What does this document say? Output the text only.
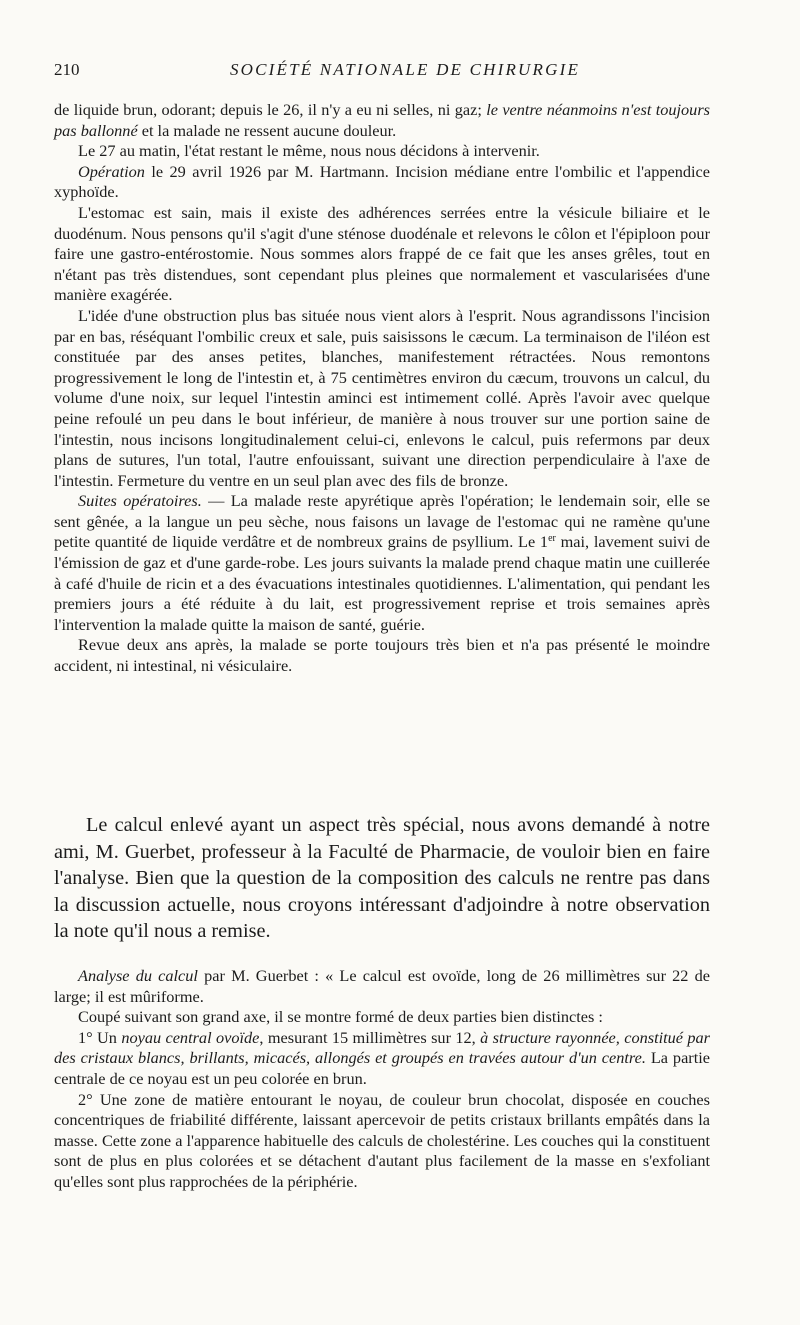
210	SOCIÉTÉ NATIONALE DE CHIRURGIE

de liquide brun, odorant; depuis le 26, il n'y a eu ni selles, ni gaz; le ventre néanmoins n'est toujours pas ballonné et la malade ne ressent aucune douleur.

Le 27 au matin, l'état restant le même, nous nous décidons à intervenir.

Opération le 29 avril 1926 par M. Hartmann. Incision médiane entre l'ombilic et l'appendice xyphoïde.

L'estomac est sain, mais il existe des adhérences serrées entre la vésicule biliaire et le duodénum. Nous pensons qu'il s'agit d'une sténose duodénale et relevons le côlon et l'épiploon pour faire une gastro-entérostomie. Nous sommes alors frappé de ce fait que les anses grêles, tout en n'étant pas très distendues, sont cependant plus pleines que normalement et vascularisées d'une manière exagérée.

L'idée d'une obstruction plus bas située nous vient alors à l'esprit. Nous agrandissons l'incision par en bas, réséquant l'ombilic creux et sale, puis saisissons le cæcum. La terminaison de l'iléon est constituée par des anses petites, blanches, manifestement rétractées. Nous remontons progressivement le long de l'intestin et, à 75 centimètres environ du cæcum, trouvons un calcul, du volume d'une noix, sur lequel l'intestin aminci est intimement collé. Après l'avoir avec quelque peine refoulé un peu dans le bout inférieur, de manière à nous trouver sur une portion saine de l'intestin, nous incisons longitudinalement celui-ci, enlevons le calcul, puis refermons par deux plans de sutures, l'un total, l'autre enfouissant, suivant une direction perpendiculaire à l'axe de l'intestin. Fermeture du ventre en un seul plan avec des fils de bronze.

Suites opératoires. — La malade reste apyrétique après l'opération; le lendemain soir, elle se sent gênée, a la langue un peu sèche, nous faisons un lavage de l'estomac qui ne ramène qu'une petite quantité de liquide verdâtre et de nombreux grains de psyllium. Le 1er mai, lavement suivi de l'émission de gaz et d'une garde-robe. Les jours suivants la malade prend chaque matin une cuillerée à café d'huile de ricin et a des évacuations intestinales quotidiennes. L'alimentation, qui pendant les premiers jours a été réduite à du lait, est progressivement reprise et trois semaines après l'intervention la malade quitte la maison de santé, guérie.

Revue deux ans après, la malade se porte toujours très bien et n'a pas présenté le moindre accident, ni intestinal, ni vésiculaire.

Le calcul enlevé ayant un aspect très spécial, nous avons demandé à notre ami, M. Guerbet, professeur à la Faculté de Pharmacie, de vouloir bien en faire l'analyse. Bien que la question de la composition des calculs ne rentre pas dans la discussion actuelle, nous croyons intéressant d'adjoindre à notre observation la note qu'il nous a remise.

Analyse du calcul par M. Guerbet : « Le calcul est ovoïde, long de 26 millimètres sur 22 de large; il est mûriforme.

Coupé suivant son grand axe, il se montre formé de deux parties bien distinctes :

1° Un noyau central ovoïde, mesurant 15 millimètres sur 12, à structure rayonnée, constitué par des cristaux blancs, brillants, micacés, allongés et groupés en travées autour d'un centre. La partie centrale de ce noyau est un peu colorée en brun.

2° Une zone de matière entourant le noyau, de couleur brun chocolat, disposée en couches concentriques de friabilité différente, laissant apercevoir de petits cristaux brillants empâtés dans la masse. Cette zone a l'apparence habituelle des calculs de cholestérine. Les couches qui la constituent sont de plus en plus colorées et se détachent d'autant plus facilement de la masse en s'exfoliant qu'elles sont plus rapprochées de la périphérie.
